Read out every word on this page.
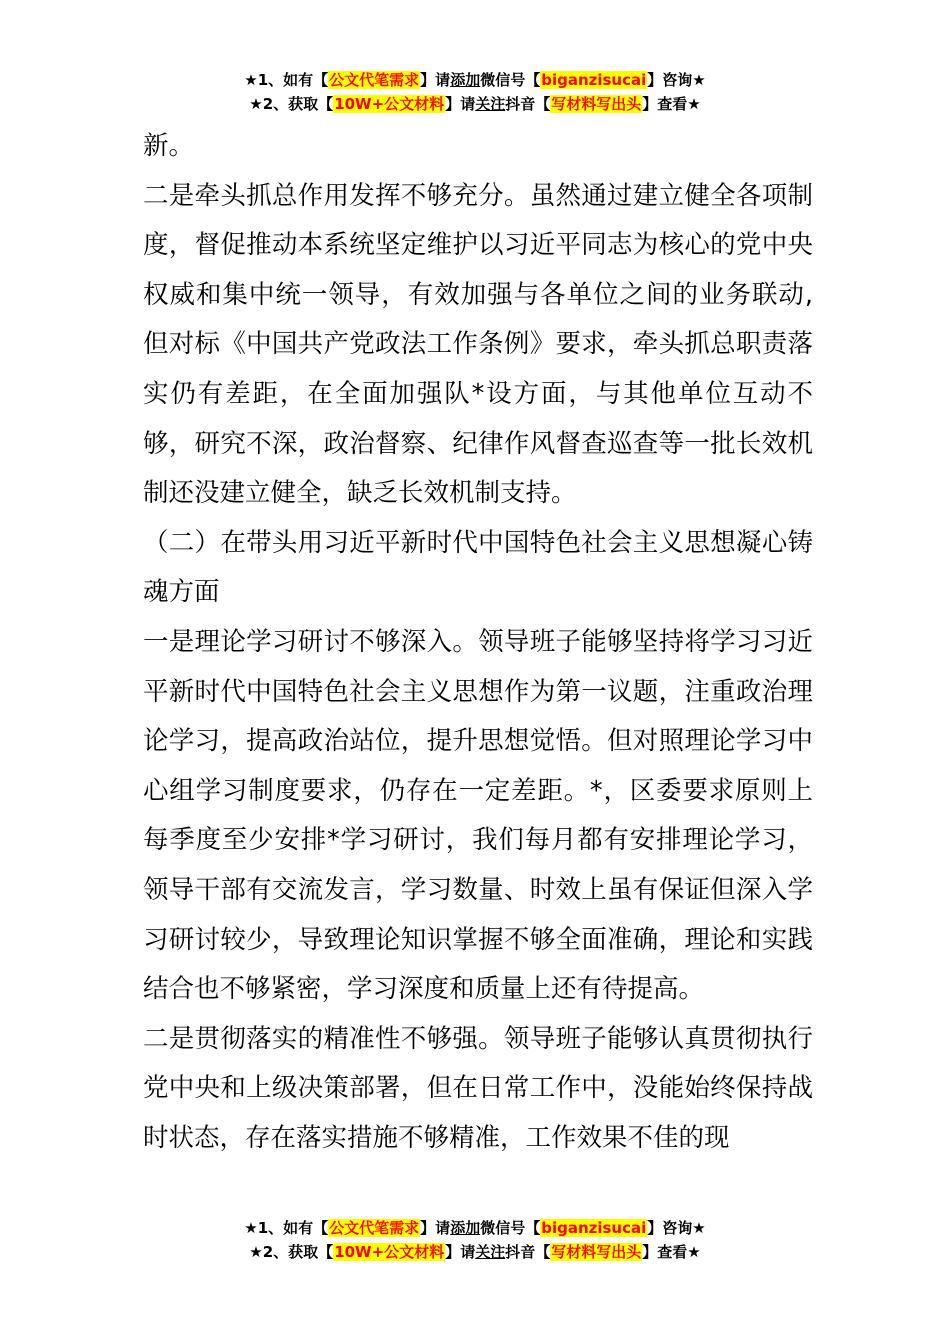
★1、如有【公文代笔需求】请添加微信号【biganzisucai】咨询★
★2、获取【10W+公文材料】请关注抖音【写材料写出头】查看★

新。

二是牵头抓总作用发挥不够充分。虽然通过建立健全各项制度，督促推动本系统坚定维护以习近平同志为核心的党中央权威和集中统一领导，有效加强与各单位之间的业务联动,但对标《中国共产党政法工作条例》要求，牵头抓总职责落实仍有差距，在全面加强队*设方面，与其他单位互动不够，研究不深，政治督察、纪律作风督查巡查等一批长效机制还没建立健全，缺乏长效机制支持。

（二）在带头用习近平新时代中国特色社会主义思想凝心铸魂方面

一是理论学习研讨不够深入。领导班子能够坚持将学习习近平新时代中国特色社会主义思想作为第一议题，注重政治理论学习，提高政治站位，提升思想觉悟。但对照理论学习中心组学习制度要求，仍存在一定差距。*，区委要求原则上每季度至少安排*学习研讨，我们每月都有安排理论学习，领导干部有交流发言，学习数量、时效上虽有保证但深入学习研讨较少，导致理论知识掌握不够全面准确，理论和实践结合也不够紧密，学习深度和质量上还有待提高。

二是贯彻落实的精准性不够强。领导班子能够认真贯彻执行党中央和上级决策部署，但在日常工作中，没能始终保持战时状态，存在落实措施不够精准，工作效果不佳的现

★1、如有【公文代笔需求】请添加微信号【biganzisucai】咨询★
★2、获取【10W+公文材料】请关注抖音【写材料写出头】查看★
